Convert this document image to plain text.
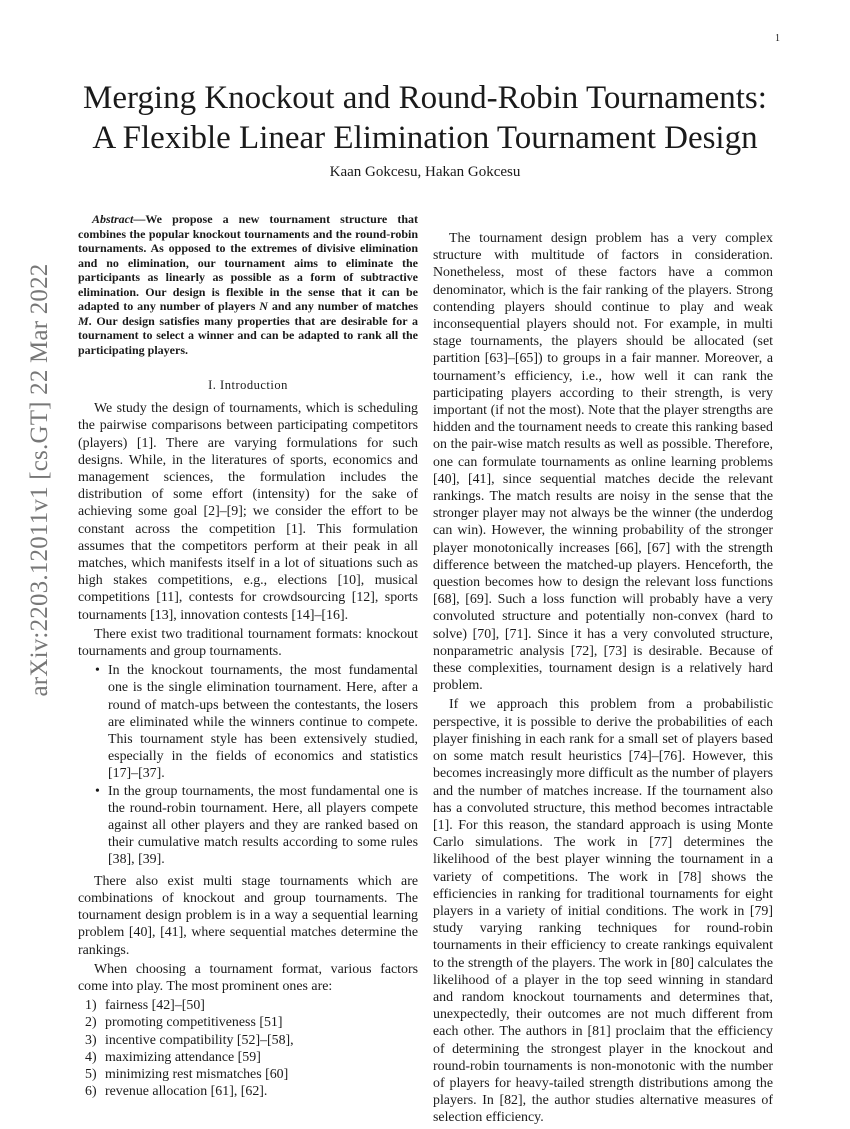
1
arXiv:2203.12011v1 [cs.GT] 22 Mar 2022
Merging Knockout and Round-Robin Tournaments:
A Flexible Linear Elimination Tournament Design
Kaan Gokcesu, Hakan Gokcesu
Abstract—We propose a new tournament structure that combines the popular knockout tournaments and the round-robin tournaments. As opposed to the extremes of divisive elimination and no elimination, our tournament aims to eliminate the participants as linearly as possible as a form of subtractive elimination. Our design is flexible in the sense that it can be adapted to any number of players N and any number of matches M. Our design satisfies many properties that are desirable for a tournament to select a winner and can be adapted to rank all the participating players.
I. Introduction

We study the design of tournaments, which is scheduling the pairwise comparisons between participating competitors (players) [1]. There are varying formulations for such designs. While, in the literatures of sports, economics and management sciences, the formulation includes the distribution of some effort (intensity) for the sake of achieving some goal [2]–[9]; we consider the effort to be constant across the competition [1]. This formulation assumes that the competitors perform at their peak in all matches, which manifests itself in a lot of situations such as high stakes competitions, e.g., elections [10], musical competitions [11], contests for crowdsourcing [12], sports tournaments [13], innovation contests [14]–[16].

There exist two traditional tournament formats: knockout tournaments and group tournaments.

• In the knockout tournaments, the most fundamental one is the single elimination tournament. Here, after a round of match-ups between the contestants, the losers are eliminated while the winners continue to compete. This tournament style has been extensively studied, especially in the fields of economics and statistics [17]–[37].
• In the group tournaments, the most fundamental one is the round-robin tournament. Here, all players compete against all other players and they are ranked based on their cumulative match results according to some rules [38], [39].

There also exist multi stage tournaments which are combinations of knockout and group tournaments. The tournament design problem is in a way a sequential learning problem [40], [41], where sequential matches determine the rankings.

When choosing a tournament format, various factors come into play. The most prominent ones are:

1) fairness [42]–[50]
2) promoting competitiveness [51]
3) incentive compatibility [52]–[58],
4) maximizing attendance [59]
5) minimizing rest mismatches [60]
6) revenue allocation [61], [62].

The tournament design problem has a very complex structure with multitude of factors in consideration. Nonetheless, most of these factors have a common denominator, which is the fair ranking of the players. Strong contending players should continue to play and weak inconsequential players should not. For example, in multi stage tournaments, the players should be allocated (set partition [63]–[65]) to groups in a fair manner. Moreover, a tournament’s efficiency, i.e., how well it can rank the participating players according to their strength, is very important (if not the most). Note that the player strengths are hidden and the tournament needs to create this ranking based on the pair-wise match results as well as possible. Therefore, one can formulate tournaments as online learning problems [40], [41], since sequential matches decide the relevant rankings. The match results are noisy in the sense that the stronger player may not always be the winner (the underdog can win). However, the winning probability of the stronger player monotonically increases [66], [67] with the strength difference between the matched-up players. Henceforth, the question becomes how to design the relevant loss functions [68], [69]. Such a loss function will probably have a very convoluted structure and potentially non-convex (hard to solve) [70], [71]. Since it has a very convoluted structure, nonparametric analysis [72], [73] is desirable. Because of these complexities, tournament design is a relatively hard problem.

If we approach this problem from a probabilistic perspective, it is possible to derive the probabilities of each player finishing in each rank for a small set of players based on some match result heuristics [74]–[76]. However, this becomes increasingly more difficult as the number of players and the number of matches increase. If the tournament also has a convoluted structure, this method becomes intractable [1]. For this reason, the standard approach is using Monte Carlo simulations. The work in [77] determines the likelihood of the best player winning the tournament in a variety of competitions. The work in [78] shows the efficiencies in ranking for traditional tournaments for eight players in a variety of initial conditions. The work in [79] study varying ranking techniques for round-robin tournaments in their efficiency to create rankings equivalent to the strength of the players. The work in [80] calculates the likelihood of a player in the top seed winning in standard and random knockout tournaments and determines that, unexpectedly, their outcomes are not much different from each other. The authors in [81] proclaim that the efficiency of determining the strongest player in the knockout and round-robin tournaments is non-monotonic with the number of players for heavy-tailed strength distributions among the players. In [82], the author studies alternative measures of selection efficiency.
